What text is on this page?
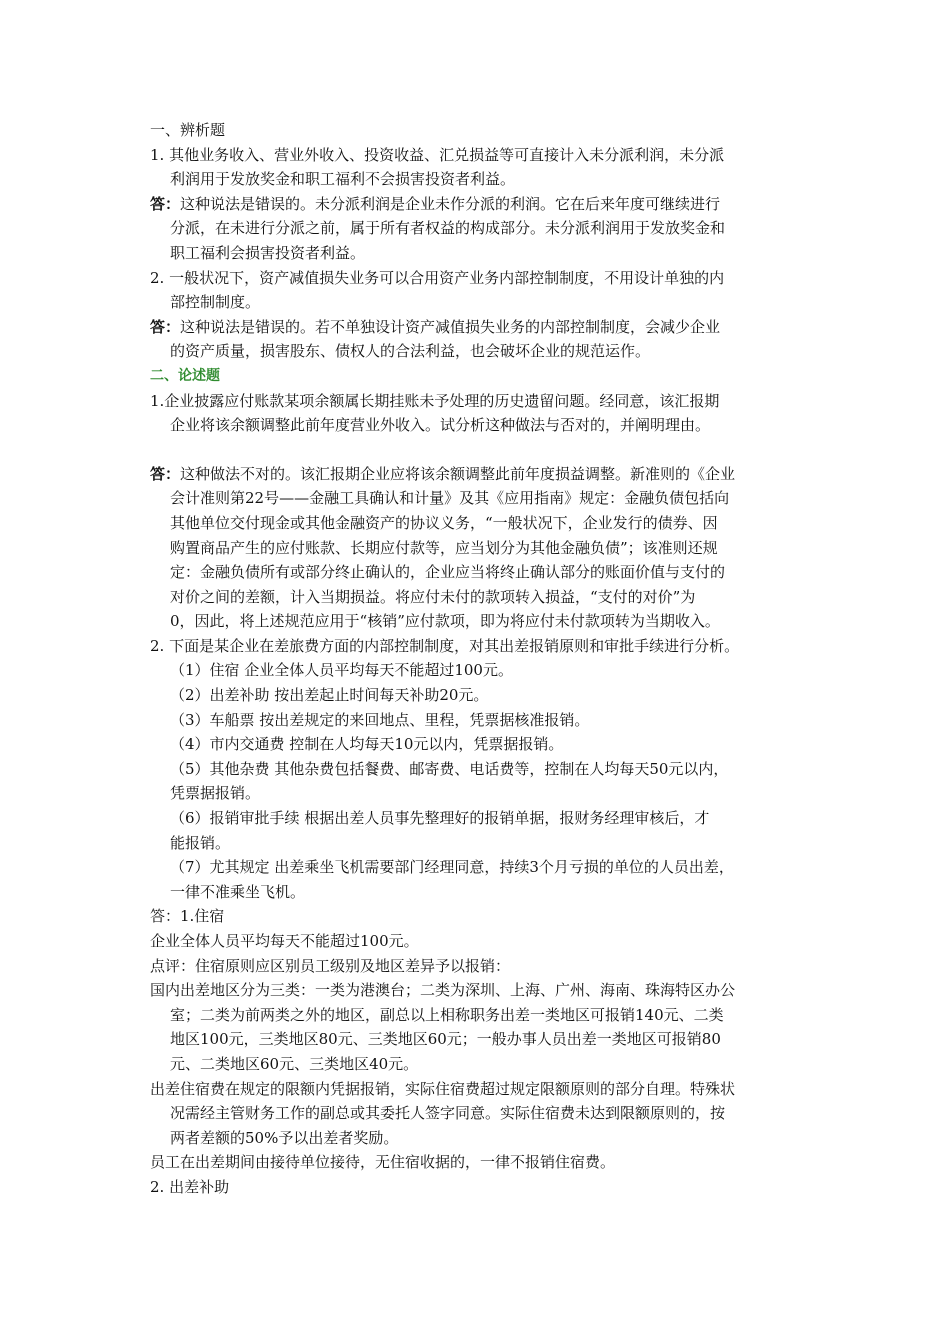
一、辨析题
1. 其他业务收入、营业外收入、投资收益、汇兑损益等可直接计入未分派利润，未分派
利润用于发放奖金和职工福利不会损害投资者利益。
答：这种说法是错误的。未分派利润是企业未作分派的利润。它在后来年度可继续进行
分派，在未进行分派之前，属于所有者权益的构成部分。未分派利润用于发放奖金和
职工福利会损害投资者利益。
2. 一般状况下，资产减值损失业务可以合用资产业务内部控制制度，不用设计单独的内
部控制制度。
答：这种说法是错误的。若不单独设计资产减值损失业务的内部控制制度，会减少企业
的资产质量，损害股东、债权人的合法利益，也会破坏企业的规范运作。
二、论述题
1.企业披露应付账款某项余额属长期挂账未予处理的历史遗留问题。经同意，该汇报期
企业将该余额调整此前年度营业外收入。试分析这种做法与否对的，并阐明理由。
答：这种做法不对的。该汇报期企业应将该余额调整此前年度损益调整。新准则的《企业
会计准则第22号——金融工具确认和计量》及其《应用指南》规定：金融负债包括向
其他单位交付现金或其他金融资产的协议义务，“一般状况下，企业发行的债券、因
购置商品产生的应付账款、长期应付款等，应当划分为其他金融负债”；该准则还规
定：金融负债所有或部分终止确认的，企业应当将终止确认部分的账面价值与支付的
对价之间的差额，计入当期损益。将应付未付的款项转入损益，“支付的对价”为
0，因此，将上述规范应用于“核销”应付款项，即为将应付未付款项转为当期收入。
2. 下面是某企业在差旅费方面的内部控制制度，对其出差报销原则和审批手续进行分析。
（1）住宿 企业全体人员平均每天不能超过100元。
（2）出差补助 按出差起止时间每天补助20元。
（3）车船票 按出差规定的来回地点、里程，凭票据核准报销。
（4）市内交通费 控制在人均每天10元以内，凭票据报销。
（5）其他杂费 其他杂费包括餐费、邮寄费、电话费等，控制在人均每天50元以内，
凭票据报销。
（6）报销审批手续 根据出差人员事先整理好的报销单据，报财务经理审核后，才
能报销。
（7）尤其规定 出差乘坐飞机需要部门经理同意，持续3个月亏损的单位的人员出差，
一律不准乘坐飞机。
答：1.住宿
企业全体人员平均每天不能超过100元。
点评：住宿原则应区别员工级别及地区差异予以报销：
国内出差地区分为三类：一类为港澳台；二类为深圳、上海、广州、海南、珠海特区办公
室；二类为前两类之外的地区，副总以上相称职务出差一类地区可报销140元、二类
地区100元，三类地区80元、三类地区60元；一般办事人员出差一类地区可报销80
元、二类地区60元、三类地区40元。
出差住宿费在规定的限额内凭据报销，实际住宿费超过规定限额原则的部分自理。特殊状
况需经主管财务工作的副总或其委托人签字同意。实际住宿费未达到限额原则的，按
两者差额的50%予以出差者奖励。
员工在出差期间由接待单位接待，无住宿收据的，一律不报销住宿费。
2. 出差补助
